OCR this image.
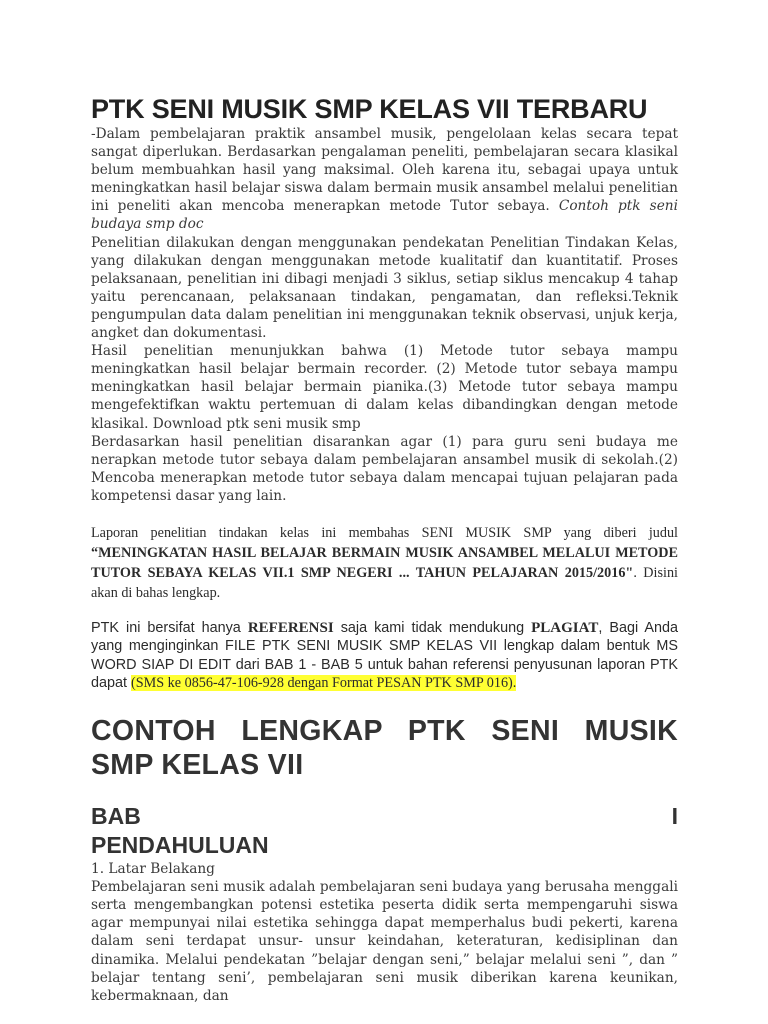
PTK SENI MUSIK SMP KELAS VII TERBARU

-Dalam pembelajaran praktik ansambel musik, pengelolaan kelas secara tepat sangat diperlukan. Berdasarkan pengalaman peneliti, pembelajaran secara klasikal belum membuahkan hasil yang maksimal. Oleh karena itu, sebagai upaya untuk meningkatkan hasil belajar siswa dalam bermain musik ansambel melalui penelitian ini peneliti akan mencoba menerapkan metode Tutor sebaya. Contoh ptk seni budaya smp doc

Penelitian dilakukan dengan menggunakan pendekatan Penelitian Tindakan Kelas, yang dilakukan dengan menggunakan metode kualitatif dan kuantitatif. Proses pelaksanaan, penelitian ini dibagi menjadi 3 siklus, setiap siklus mencakup 4 tahap yaitu perencanaan, pelaksanaan tindakan, pengamatan, dan refleksi.Teknik pengumpulan data dalam penelitian ini menggunakan teknik observasi, unjuk kerja, angket dan dokumentasi.

Hasil penelitian menunjukkan bahwa (1) Metode tutor sebaya mampu meningkatkan hasil belajar bermain recorder. (2) Metode tutor sebaya mampu meningkatkan hasil belajar bermain pianika.(3) Metode tutor sebaya mampu mengefektifkan waktu pertemuan di dalam kelas dibandingkan dengan metode klasikal. Download ptk seni musik smp

Berdasarkan hasil penelitian disarankan agar (1) para guru seni budaya me nerapkan metode tutor sebaya dalam pembelajaran ansambel musik di sekolah.(2) Mencoba menerapkan metode tutor sebaya dalam mencapai tujuan pelajaran pada kompetensi dasar yang lain.

Laporan penelitian tindakan kelas ini membahas SENI MUSIK SMP yang diberi judul “MENINGKATAN HASIL BELAJAR BERMAIN MUSIK ANSAMBEL MELALUI METODE TUTOR SEBAYA KELAS VII.1 SMP NEGERI ... TAHUN PELAJARAN 2015/2016". Disini akan di bahas lengkap.

PTK ini bersifat hanya REFERENSI saja kami tidak mendukung PLAGIAT, Bagi Anda yang menginginkan FILE PTK SENI MUSIK SMP KELAS VII lengkap dalam bentuk MS WORD SIAP DI EDIT dari BAB 1 - BAB 5 untuk bahan referensi penyusunan laporan PTK dapat (SMS ke 0856-47-106-928 dengan Format PESAN PTK SMP 016).

CONTOH LENGKAP PTK SENI MUSIK SMP KELAS VII
BAB	I
PENDAHULUAN

1. Latar Belakang

Pembelajaran seni musik adalah pembelajaran seni budaya yang berusaha menggali serta mengembangkan potensi estetika peserta didik serta mempengaruhi siswa agar mempunyai nilai estetika sehingga dapat memperhalus budi pekerti, karena dalam seni terdapat unsur- unsur keindahan, keteraturan, kedisiplinan dan dinamika. Melalui pendekatan ”belajar dengan seni,” belajar melalui seni ”, dan ” belajar tentang seni’, pembelajaran seni musik diberikan karena keunikan, kebermaknaan, dan
